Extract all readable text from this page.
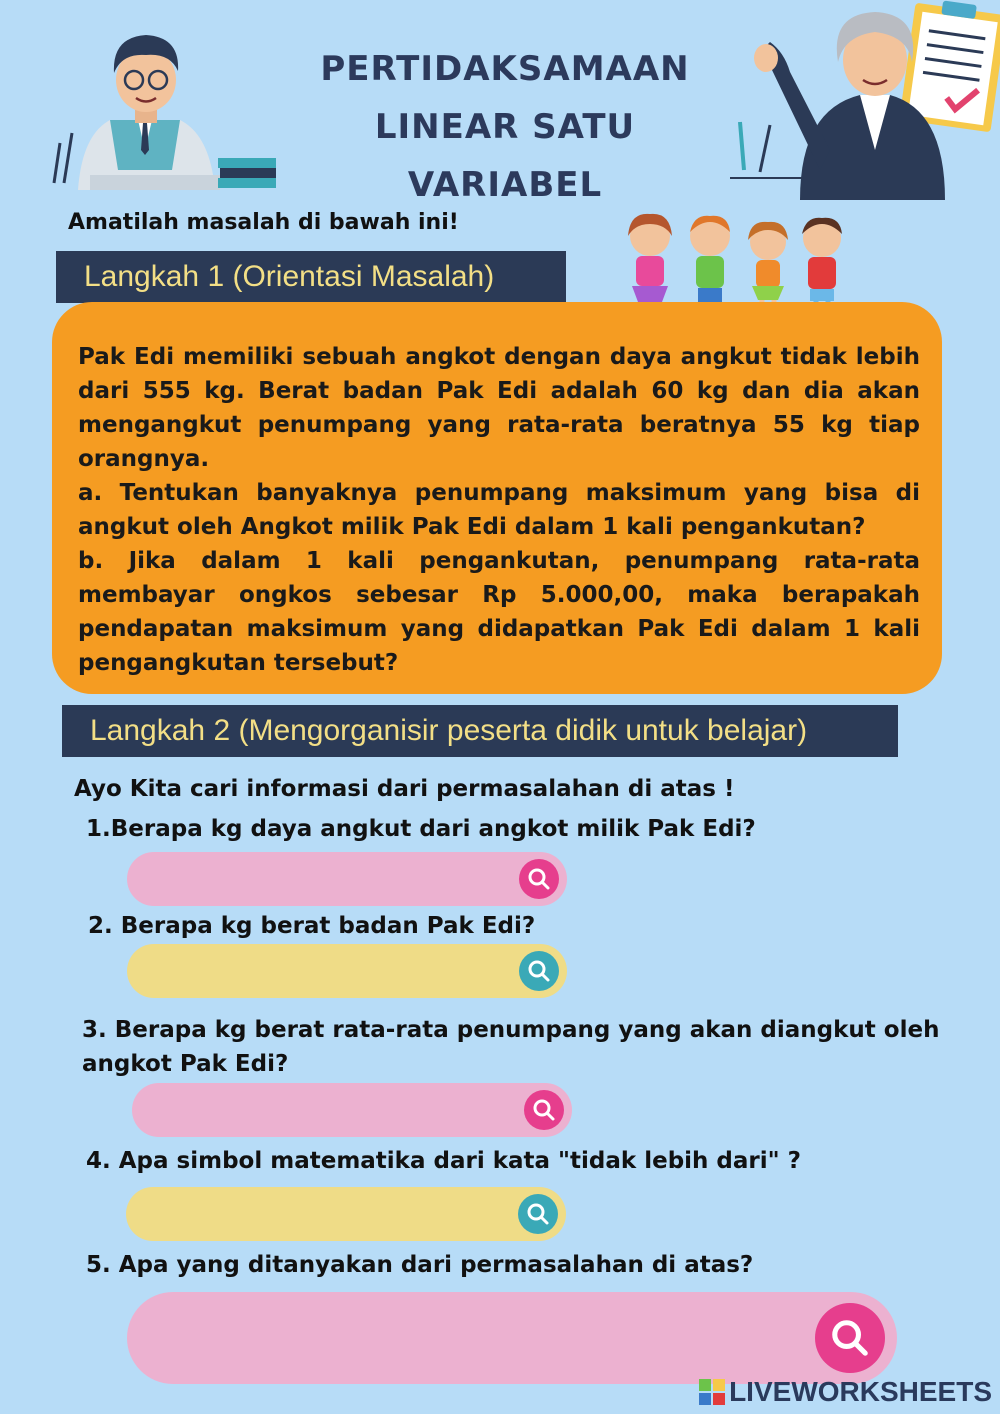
PERTIDAKSAMAAN
LINEAR SATU
VARIABEL
Amatilah masalah di bawah ini!
Langkah 1 (Orientasi Masalah)

Pak Edi memiliki sebuah angkot dengan daya angkut tidak lebih dari 555 kg. Berat badan Pak Edi adalah 60 kg dan dia akan mengangkut penumpang yang rata-rata beratnya 55 kg tiap orangnya.

a. Tentukan banyaknya penumpang maksimum yang bisa di angkut oleh Angkot milik Pak Edi dalam 1 kali pengankutan?

b. Jika dalam 1 kali pengankutan, penumpang rata-rata membayar ongkos sebesar Rp 5.000,00, maka berapakah pendapatan maksimum yang didapatkan Pak Edi dalam 1 kali pengangkutan tersebut?

Langkah 2 (Mengorganisir peserta didik untuk belajar)
Ayo Kita cari informasi dari permasalahan di atas !
1.Berapa kg daya angkut dari angkot milik Pak Edi?
2. Berapa kg berat badan Pak Edi?
3. Berapa kg berat rata-rata penumpang yang akan diangkut oleh angkot Pak Edi?
4. Apa simbol matematika dari kata "tidak lebih dari" ?
5. Apa yang ditanyakan dari permasalahan di atas?
LIVEWORKSHEETS
